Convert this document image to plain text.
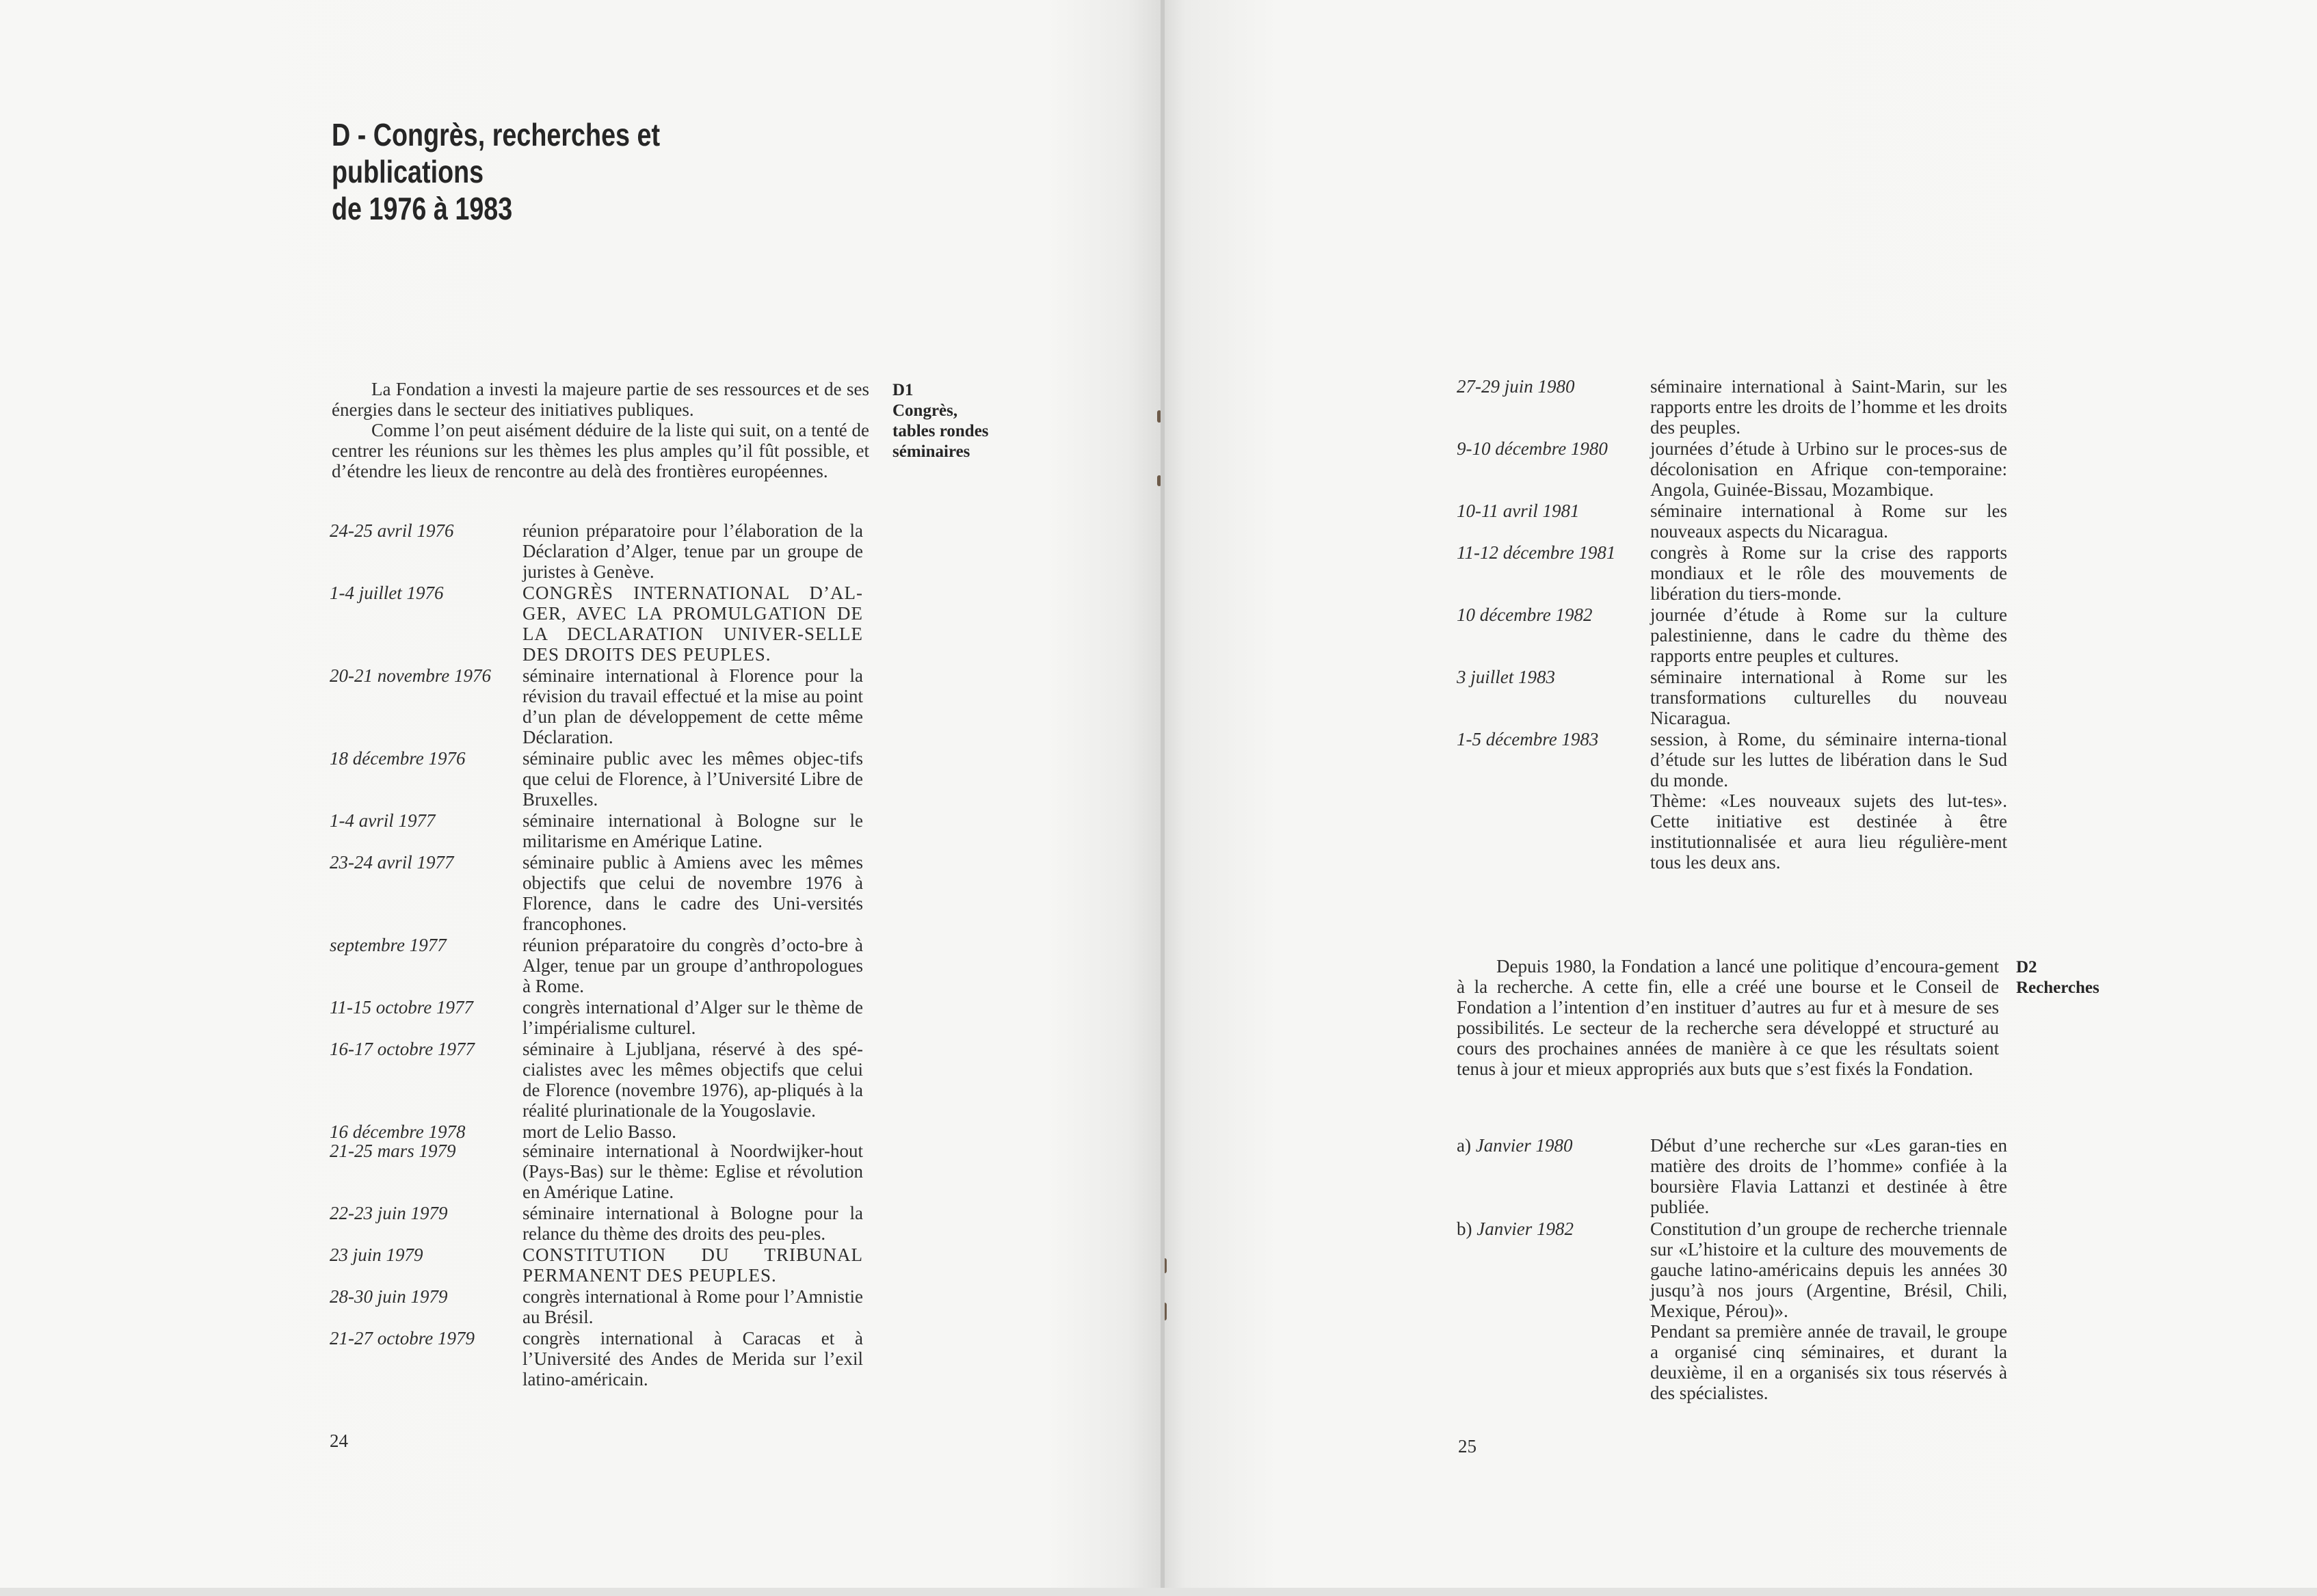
D - Congrès, recherches et publications
de 1976 à 1983

La Fondation a investi la majeure partie de ses ressources et de ses énergies dans le secteur des initiatives publiques.

Comme l’on peut aisément déduire de la liste qui suit, on a tenté de centrer les réunions sur les thèmes les plus amples qu’il fût possible, et d’étendre les lieux de rencontre au delà des frontières européennes.

D1
Congrès,
tables rondes
séminaires
24-25 avril 1976	réunion préparatoire pour l’élaboration de la Déclaration d’Alger, tenue par un groupe de juristes à Genève.
1-4 juillet 1976	CONGRÈS INTERNATIONAL D’AL-GER, AVEC LA PROMULGATION DE LA DECLARATION UNIVER-SELLE DES DROITS DES PEUPLES.
20-21 novembre 1976	séminaire international à Florence pour la révision du travail effectué et la mise au point d’un plan de développement de cette même Déclaration.
18 décembre 1976	séminaire public avec les mêmes objec-tifs que celui de Florence, à l’Université Libre de Bruxelles.
1-4 avril 1977	séminaire international à Bologne sur le militarisme en Amérique Latine.
23-24 avril 1977	séminaire public à Amiens avec les mêmes objectifs que celui de novembre 1976 à Florence, dans le cadre des Uni-versités francophones.
septembre 1977	réunion préparatoire du congrès d’octo-bre à Alger, tenue par un groupe d’anthropologues à Rome.
11-15 octobre 1977	congrès international d’Alger sur le thème de l’impérialisme culturel.
16-17 octobre 1977	séminaire à Ljubljana, réservé à des spé-cialistes avec les mêmes objectifs que celui de Florence (novembre 1976), ap-pliqués à la réalité plurinationale de la Yougoslavie.
16 décembre 1978	mort de Lelio Basso.
21-25 mars 1979	séminaire international à Noordwijker-hout (Pays-Bas) sur le thème: Eglise et révolution en Amérique Latine.
22-23 juin 1979	séminaire international à Bologne pour la relance du thème des droits des peu-ples.
23 juin 1979	CONSTITUTION DU TRIBUNAL PERMANENT DES PEUPLES.
28-30 juin 1979	congrès international à Rome pour l’Amnistie au Brésil.
21-27 octobre 1979	congrès international à Caracas et à l’Université des Andes de Merida sur l’exil latino-américain.
24
27-29 juin 1980	séminaire international à Saint-Marin, sur les rapports entre les droits de l’homme et les droits des peuples.
9-10 décembre 1980	journées d’étude à Urbino sur le proces-sus de décolonisation en Afrique con-temporaine: Angola, Guinée-Bissau, Mozambique.
10-11 avril 1981	séminaire international à Rome sur les nouveaux aspects du Nicaragua.
11-12 décembre 1981	congrès à Rome sur la crise des rapports mondiaux et le rôle des mouvements de libération du tiers-monde.
10 décembre 1982	journée d’étude à Rome sur la culture palestinienne, dans le cadre du thème des rapports entre peuples et cultures.
3 juillet 1983	séminaire international à Rome sur les transformations culturelles du nouveau Nicaragua.
1-5 décembre 1983	session, à Rome, du séminaire interna-tional d’étude sur les luttes de libération dans le Sud du monde.

Thème: «Les nouveaux sujets des lut-tes». Cette initiative est destinée à être institutionnalisée et aura lieu régulière-ment tous les deux ans.

Depuis 1980, la Fondation a lancé une politique d’encoura-gement à la recherche. A cette fin, elle a créé une bourse et le Conseil de Fondation a l’intention d’en instituer d’autres au fur et à mesure de ses possibilités. Le secteur de la recherche sera développé et structuré au cours des prochaines années de manière à ce que les résultats soient tenus à jour et mieux appropriés aux buts que s’est fixés la Fondation.

D2
Recherches
a) Janvier 1980	Début d’une recherche sur «Les garan-ties en matière des droits de l’homme» confiée à la boursière Flavia Lattanzi et destinée à être publiée.
b) Janvier 1982	Constitution d’un groupe de recherche triennale sur «L’histoire et la culture des mouvements de gauche latino-américains depuis les années 30 jusqu’à nos jours (Argentine, Brésil, Chili, Mexique, Pérou)».

Pendant sa première année de travail, le groupe a organisé cinq séminaires, et durant la deuxième, il en a organisés six tous réservés à des spécialistes.

25
